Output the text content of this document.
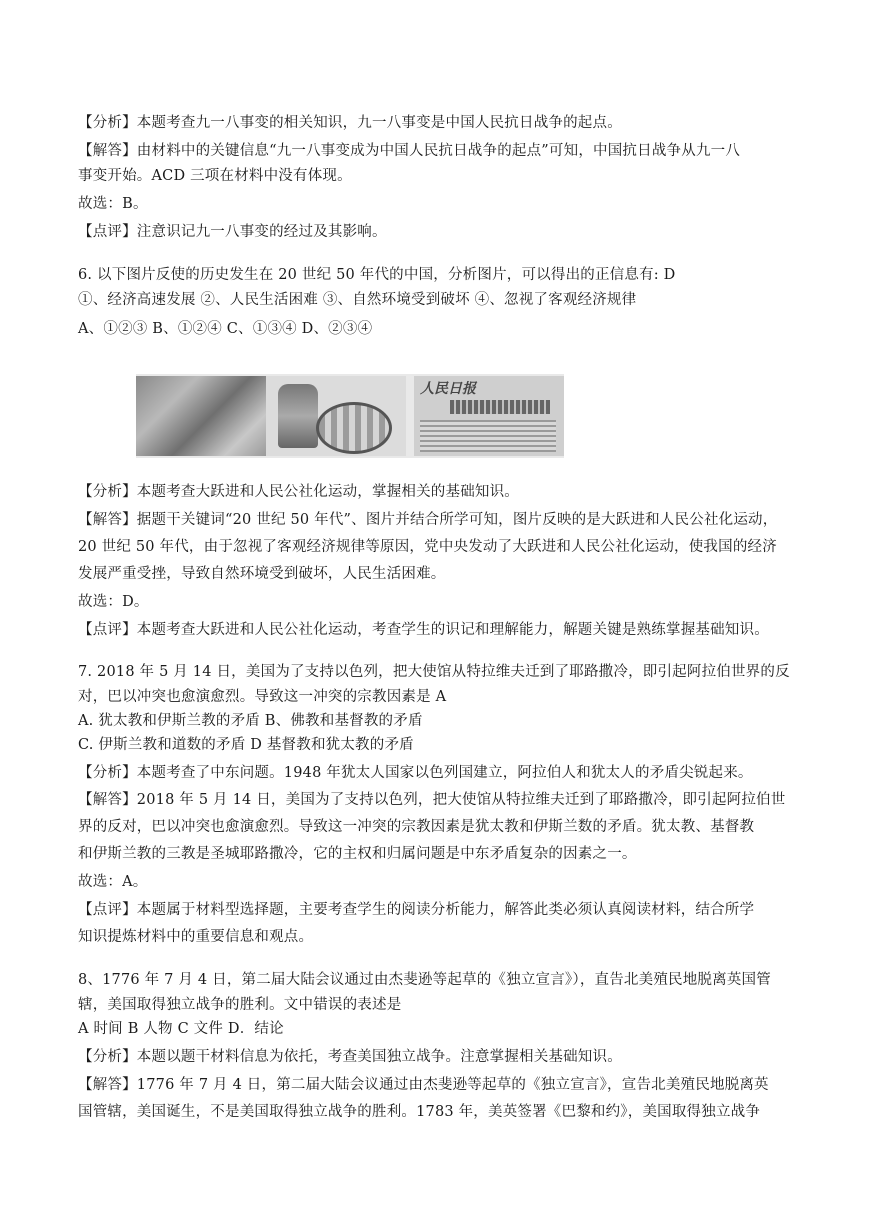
【分析】本题考查九一八事变的相关知识，九一八事变是中国人民抗日战争的起点。
【解答】由材料中的关键信息“九一八事变成为中国人民抗日战争的起点”可知，中国抗日战争从九一八
事变开始。ACD 三项在材料中没有体现。
故选：B。
【点评】注意识记九一八事变的经过及其影响。
6. 以下图片反使的历史发生在 20 世纪 50 年代的中国，分析图片，可以得出的正信息有: D
①、经济高速发展 ②、人民生活困难 ③、自然环境受到破坏 ④、忽视了客观经济规律
A、①②③ B、①②④ C、①③④ D、②③④
人民日报
【分析】本题考查大跃进和人民公社化运动，掌握相关的基础知识。
【解答】据题干关键词“20 世纪 50 年代”、图片并结合所学可知，图片反映的是大跃进和人民公社化运动，
20 世纪 50 年代，由于忽视了客观经济规律等原因，党中央发动了大跃进和人民公社化运动，使我国的经济
发展严重受挫，导致自然环境受到破坏，人民生活困难。
故选：D。
【点评】本题考查大跃进和人民公社化运动，考查学生的识记和理解能力，解题关键是熟练掌握基础知识。
7. 2018 年 5 月 14 日，美国为了支持以色列，把大使馆从特拉维夫迁到了耶路撒冷，即引起阿拉伯世界的反
对，巴以冲突也愈演愈烈。导致这一冲突的宗教因素是 A
A. 犹太教和伊斯兰教的矛盾 B、佛教和基督教的矛盾
C. 伊斯兰教和道数的矛盾 D 基督教和犹太教的矛盾
【分析】本题考查了中东问题。1948 年犹太人国家以色列国建立，阿拉伯人和犹太人的矛盾尖锐起来。
【解答】2018 年 5 月 14 日，美国为了支持以色列，把大使馆从特拉维夫迁到了耶路撒冷，即引起阿拉伯世
界的反对，巴以冲突也愈演愈烈。导致这一冲突的宗教因素是犹太教和伊斯兰数的矛盾。犹太教、基督教
和伊斯兰教的三教是圣城耶路撒冷，它的主权和归属问题是中东矛盾复杂的因素之一。
故选：A。
【点评】本题属于材料型选择题，主要考查学生的阅读分析能力，解答此类必须认真阅读材料，结合所学
知识提炼材料中的重要信息和观点。
8、1776 年 7 月 4 日，第二届大陆会议通过由杰斐逊等起草的《独立宣言》），直告北美殖民地脱离英国管
辖，美国取得独立战争的胜利。文中错误的表述是
A 时间 B 人物 C 文件 D．结论
【分析】本题以题干材料信息为依托，考查美国独立战争。注意掌握相关基础知识。
【解答】1776 年 7 月 4 日，第二届大陆会议通过由杰斐逊等起草的《独立宣言》，宣告北美殖民地脱离英
国管辖，美国诞生，不是美国取得独立战争的胜利。1783 年，美英签署《巴黎和约》，美国取得独立战争
